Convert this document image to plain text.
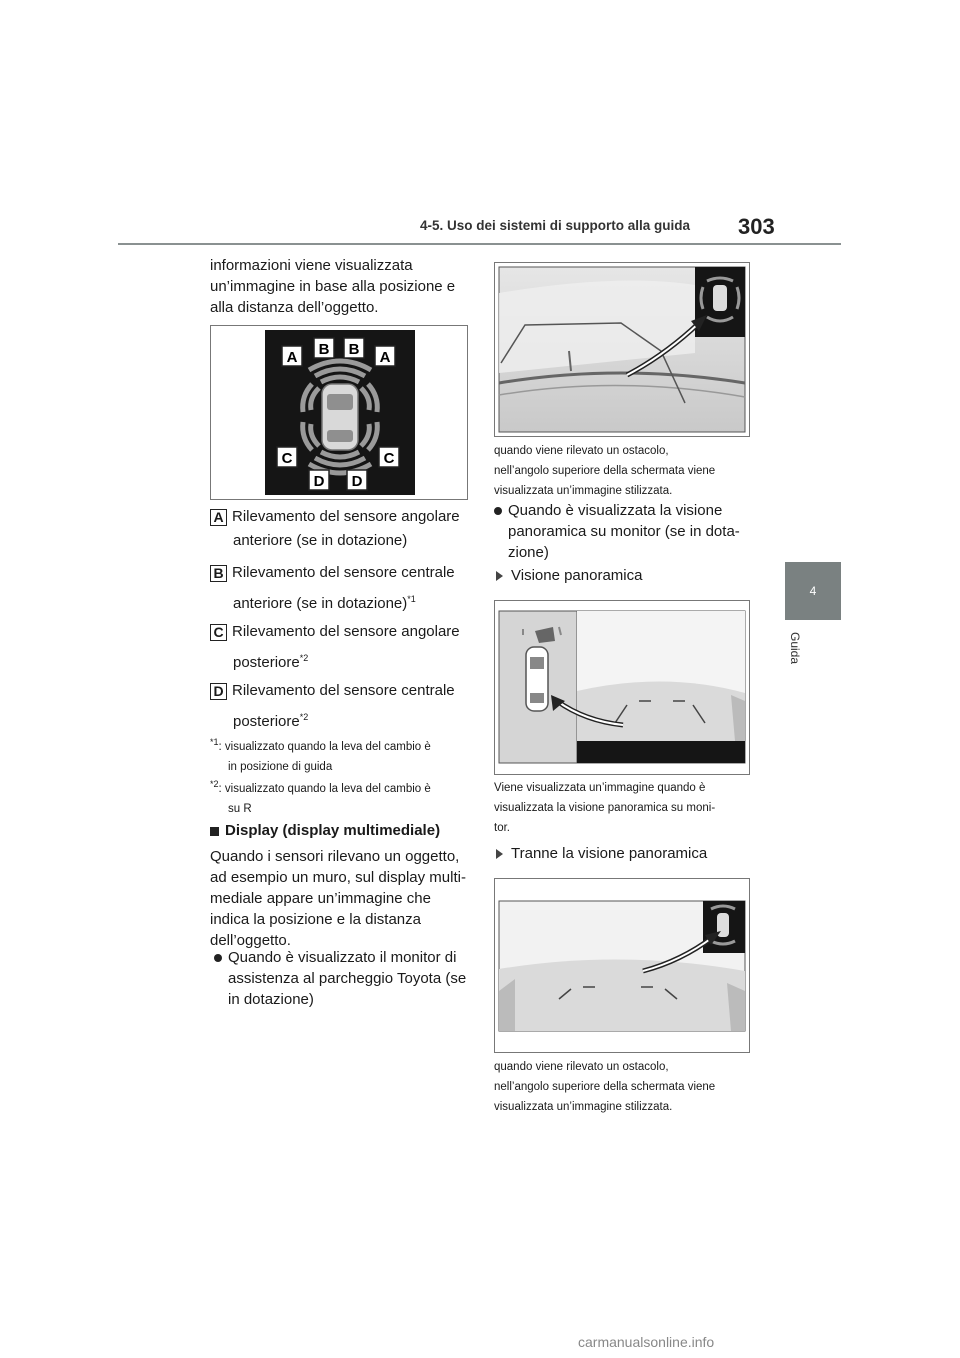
4-5. Uso dei sistemi di supporto alla guida 303
4
Guida
informazioni viene visualizzata
un’immagine in base alla posizione e
alla distanza dell’oggetto.
A B B A
C	C
D D
A Rilevamento del sensore angolare
anteriore (se in dotazione)
B Rilevamento del sensore centrale
anteriore (se in dotazione)$^{*1}$
C Rilevamento del sensore angolare
posteriore$^{*2}$
D Rilevamento del sensore centrale
posteriore$^{*2}$
$^{*1}$: visualizzato quando la leva del cambio è
in posizione di guida
$^{*2}$: visualizzato quando la leva del cambio è
su R
Display (display multimediale)
Quando i sensori rilevano un oggetto,
ad esempio un muro, sul display multi-
mediale appare un’immagine che
indica la posizione e la distanza
dell’oggetto.
Quando è visualizzato il monitor di
assistenza al parcheggio Toyota (se
in dotazione)
quando viene rilevato un ostacolo,
nell’angolo superiore della schermata viene
visualizzata un’immagine stilizzata.
Quando è visualizzata la visione
panoramica su monitor (se in dota-
zione)
Visione panoramica
Viene visualizzata un’immagine quando è
visualizzata la visione panoramica su moni-
tor.
Tranne la visione panoramica
quando viene rilevato un ostacolo,
nell’angolo superiore della schermata viene
visualizzata un’immagine stilizzata.
carmanualsonline.info
